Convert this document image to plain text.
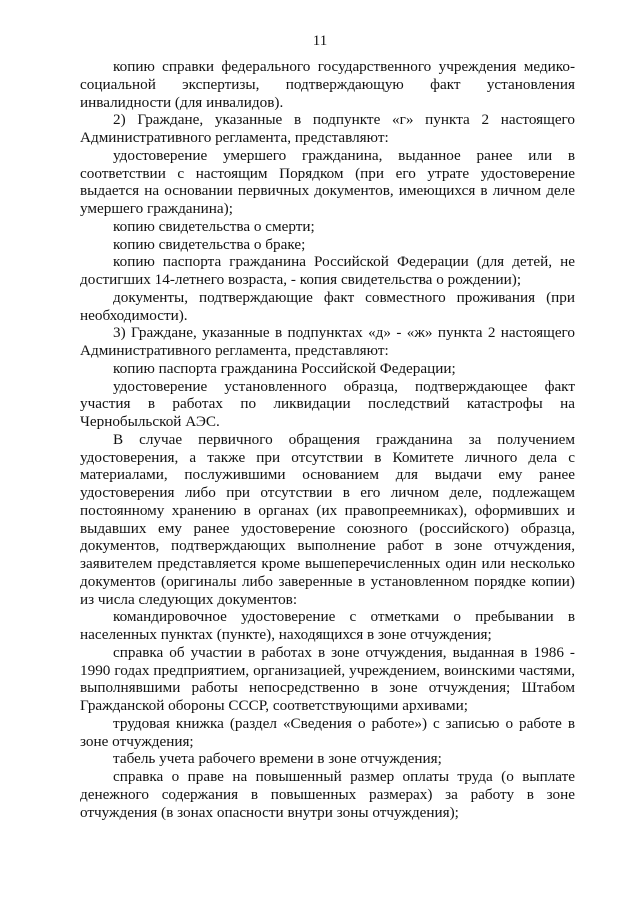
11

копию справки федерального государственного учреждения медико-социальной экспертизы, подтверждающую факт установления инвалидности (для инвалидов).

2) Граждане, указанные в подпункте «г» пункта 2 настоящего Административного регламента, представляют:

удостоверение умершего гражданина, выданное ранее или в соответствии с настоящим Порядком (при его утрате удостоверение выдается на основании первичных документов, имеющихся в личном деле умершего гражданина);

копию свидетельства о смерти;

копию свидетельства о браке;

копию паспорта гражданина Российской Федерации (для детей, не достигших 14-летнего возраста, - копия свидетельства о рождении);

документы, подтверждающие факт совместного проживания (при необходимости).

3) Граждане, указанные в подпунктах «д» - «ж» пункта 2 настоящего Административного регламента, представляют:

копию паспорта гражданина Российской Федерации;

удостоверение установленного образца, подтверждающее факт участия в работах по ликвидации последствий катастрофы на Чернобыльской АЭС.

В случае первичного обращения гражданина за получением удостоверения, а также при отсутствии в Комитете личного дела с материалами, послужившими основанием для выдачи ему ранее удостоверения либо при отсутствии в его личном деле, подлежащем постоянному хранению в органах (их правопреемниках), оформивших и выдавших ему ранее удостоверение союзного (российского) образца, документов, подтверждающих выполнение работ в зоне отчуждения, заявителем представляется кроме вышеперечисленных один или несколько документов (оригиналы либо заверенные в установленном порядке копии) из числа следующих документов:

командировочное удостоверение с отметками о пребывании в населенных пунктах (пункте), находящихся в зоне отчуждения;

справка об участии в работах в зоне отчуждения, выданная в 1986 - 1990 годах предприятием, организацией, учреждением, воинскими частями, выполнявшими работы непосредственно в зоне отчуждения; Штабом Гражданской обороны СССР, соответствующими архивами;

трудовая книжка (раздел «Сведения о работе») с записью о работе в зоне отчуждения;

табель учета рабочего времени в зоне отчуждения;

справка о праве на повышенный размер оплаты труда (о выплате денежного содержания в повышенных размерах) за работу в зоне отчуждения (в зонах опасности внутри зоны отчуждения);
